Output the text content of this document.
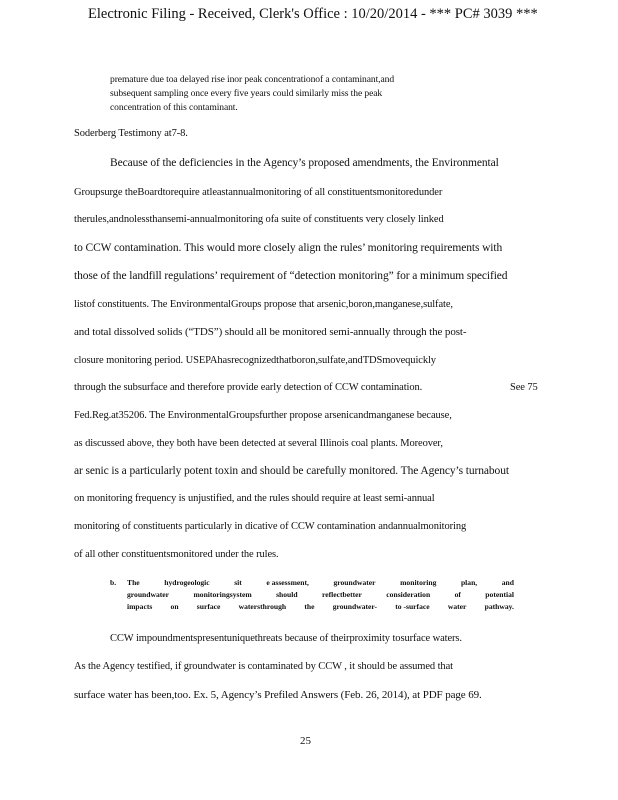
Electronic Filing - Received, Clerk's Office : 10/20/2014 - *** PC# 3039 ***
premature due toa delayed rise inor peak concentrationof a contaminant,and
subsequent sampling once every five years could similarly miss the peak
concentration of this contaminant.
Soderberg Testimony at7-8.
Because of the deficiencies in the Agency’s proposed amendments, the Environmental
Groupsurge theBoardtorequire atleastannualmonitoring of all constituentsmonitoredunder
therules,andnolessthansemi-annualmonitoring ofa suite of constituents very closely linked
to CCW contamination. This would more closely align the rules’ monitoring requirements with
those of the landfill regulations’ requirement of “detection monitoring” for a minimum specified
listof constituents. The EnvironmentalGroups propose that arsenic,boron,manganese,sulfate,
and total dissolved solids (“TDS”) should all be monitored semi-annually through the post-
closure monitoring period. USEPAhasrecognizedthatboron,sulfate,andTDSmovequickly
through the subsurface and therefore provide early detection of CCW contamination.	See 75
Fed.Reg.at35206. The EnvironmentalGroupsfurther propose arsenicandmanganese because,
as discussed above, they both have been detected at several Illinois coal plants. Moreover,
ar senic is a particularly potent toxin and should be carefully monitored. The Agency’s turnabout
on monitoring frequency is unjustified, and the rules should require at least semi-annual
monitoring of constituents particularly in dicative of CCW contamination andannualmonitoring
of all other constituentsmonitored under the rules.
b. The	hydrogeologic	sit	e assessment,	groundwater	monitoring	plan,	and
groundwater	monitoringsystem	should	reflectbetter	consideration	of	potential
impacts on surface watersthrough the groundwater- to -surface water pathway.
CCW impoundmentspresentuniquethreats because of theirproximity tosurface waters.
As the Agency testified, if groundwater is contaminated by CCW , it should be assumed that
surface water has been,too. Ex. 5, Agency’s Prefiled Answers (Feb. 26, 2014), at PDF page 69.
25
